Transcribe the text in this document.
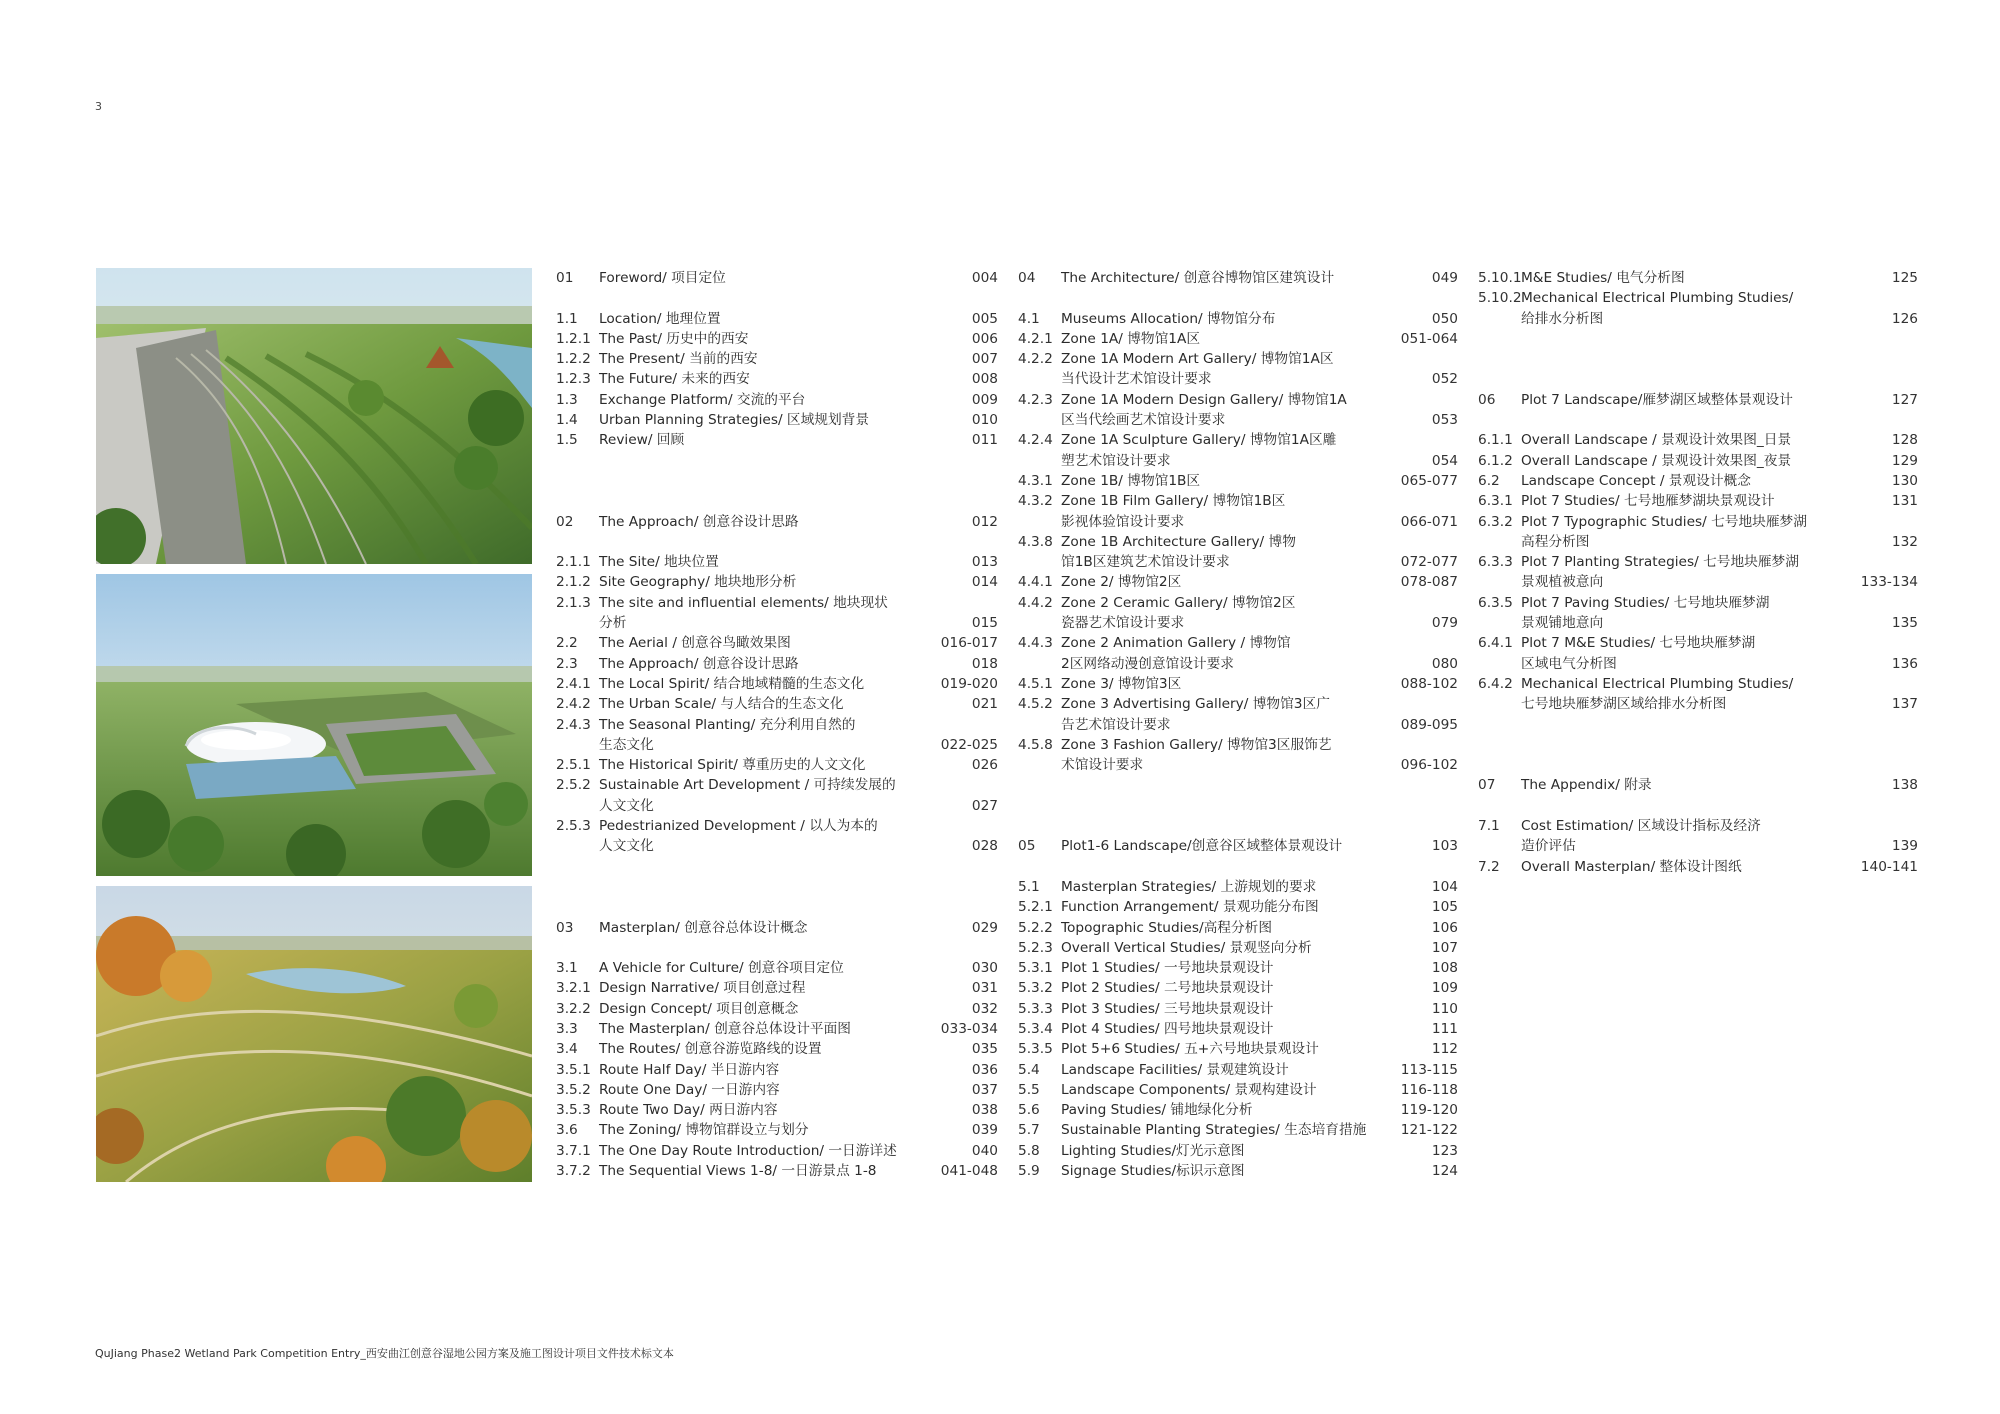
3
01	Foreword/ 项目定位	004
1.1	Location/ 地理位置	005
1.2.1 The Past/ 历史中的西安	006
1.2.2 The Present/ 当前的西安	007
1.2.3 The Future/ 未来的西安	008
1.3	Exchange Platform/ 交流的平台	009
1.4	Urban Planning Strategies/ 区域规划背景	010
1.5	Review/ 回顾	011
02	The Approach/ 创意谷设计思路	012
2.1.1 The Site/ 地块位置	013
2.1.2 Site Geography/ 地块地形分析	014
2.1.3 The site and influential elements/ 地块现状
分析	015
2.2	The Aerial / 创意谷鸟瞰效果图	016-017
2.3	The Approach/ 创意谷设计思路	018
2.4.1 The Local Spirit/ 结合地域精髓的生态文化	019-020
2.4.2 The Urban Scale/ 与人结合的生态文化	021
2.4.3 The Seasonal Planting/ 充分利用自然的
生态文化	022-025
2.5.1 The Historical Spirit/ 尊重历史的人文文化	026
2.5.2 Sustainable Art Development / 可持续发展的
人文文化	027
2.5.3 Pedestrianized Development / 以人为本的
人文文化	028
03	Masterplan/ 创意谷总体设计概念	029
3.1	A Vehicle for Culture/ 创意谷项目定位	030
3.2.1 Design Narrative/ 项目创意过程	031
3.2.2 Design Concept/ 项目创意概念	032
3.3	The Masterplan/ 创意谷总体设计平面图	033-034
3.4	The Routes/ 创意谷游览路线的设置	035
3.5.1 Route Half Day/ 半日游内容	036
3.5.2 Route One Day/ 一日游内容	037
3.5.3 Route Two Day/ 两日游内容	038
3.6	The Zoning/ 博物馆群设立与划分	039
3.7.1 The One Day Route Introduction/ 一日游详述	040
3.7.2 The Sequential Views 1-8/ 一日游景点 1-8	041-048
04	The Architecture/ 创意谷博物馆区建筑设计	049
4.1	Museums Allocation/ 博物馆分布	050
4.2.1 Zone 1A/ 博物馆1A区	051-064
4.2.2 Zone 1A Modern Art Gallery/ 博物馆1A区
当代设计艺术馆设计要求	052
4.2.3 Zone 1A Modern Design Gallery/ 博物馆1A
区当代绘画艺术馆设计要求	053
4.2.4 Zone 1A Sculpture Gallery/ 博物馆1A区雕
塑艺术馆设计要求	054
4.3.1 Zone 1B/ 博物馆1B区	065-077
4.3.2 Zone 1B Film Gallery/ 博物馆1B区
影视体验馆设计要求	066-071
4.3.8 Zone 1B Architecture Gallery/ 博物
馆1B区建筑艺术馆设计要求	072-077
4.4.1 Zone 2/ 博物馆2区	078-087
4.4.2 Zone 2 Ceramic Gallery/ 博物馆2区
瓷器艺术馆设计要求	079
4.4.3 Zone 2 Animation Gallery / 博物馆
2区网络动漫创意馆设计要求	080
4.5.1 Zone 3/ 博物馆3区	088-102
4.5.2 Zone 3 Advertising Gallery/ 博物馆3区广
告艺术馆设计要求	089-095
4.5.8 Zone 3 Fashion Gallery/ 博物馆3区服饰艺
术馆设计要求	096-102
05	Plot1-6 Landscape/创意谷区域整体景观设计	103
5.1	Masterplan Strategies/ 上游规划的要求	104
5.2.1 Function Arrangement/ 景观功能分布图	105
5.2.2 Topographic Studies/高程分析图	106
5.2.3 Overall Vertical Studies/ 景观竖向分析	107
5.3.1 Plot 1 Studies/ 一号地块景观设计	108
5.3.2 Plot 2 Studies/ 二号地块景观设计	109
5.3.3 Plot 3 Studies/ 三号地块景观设计	110
5.3.4 Plot 4 Studies/ 四号地块景观设计	111
5.3.5 Plot 5+6 Studies/ 五+六号地块景观设计	112
5.4	Landscape Facilities/ 景观建筑设计	113-115
5.5	Landscape Components/ 景观构建设计	116-118
5.6	Paving Studies/ 铺地绿化分析	119-120
5.7	Sustainable Planting Strategies/ 生态培育措施	121-122
5.8	Lighting Studies/灯光示意图	123
5.9	Signage Studies/标识示意图	124
5.10.1 M&E Studies/ 电气分析图	125
5.10.2 Mechanical Electrical Plumbing Studies/
给排水分析图	126
06	Plot 7 Landscape/雁梦湖区域整体景观设计	127
6.1.1 Overall Landscape / 景观设计效果图_日景	128
6.1.2 Overall Landscape / 景观设计效果图_夜景	129
6.2	Landscape Concept / 景观设计概念	130
6.3.1 Plot 7 Studies/ 七号地雁梦湖块景观设计	131
6.3.2 Plot 7 Typographic Studies/ 七号地块雁梦湖
高程分析图	132
6.3.3 Plot 7 Planting Strategies/ 七号地块雁梦湖
景观植被意向	133-134
6.3.5 Plot 7 Paving Studies/ 七号地块雁梦湖
景观铺地意向	135
6.4.1 Plot 7 M&E Studies/ 七号地块雁梦湖
区域电气分析图	136
6.4.2 Mechanical Electrical Plumbing Studies/
七号地块雁梦湖区域给排水分析图	137
07	The Appendix/ 附录	138
7.1	Cost Estimation/ 区域设计指标及经济
造价评估	139
7.2	Overall Masterplan/ 整体设计图纸	140-141
QuJiang Phase2 Wetland Park Competition Entry_西安曲江创意谷湿地公园方案及施工图设计项目文件技术标文本
